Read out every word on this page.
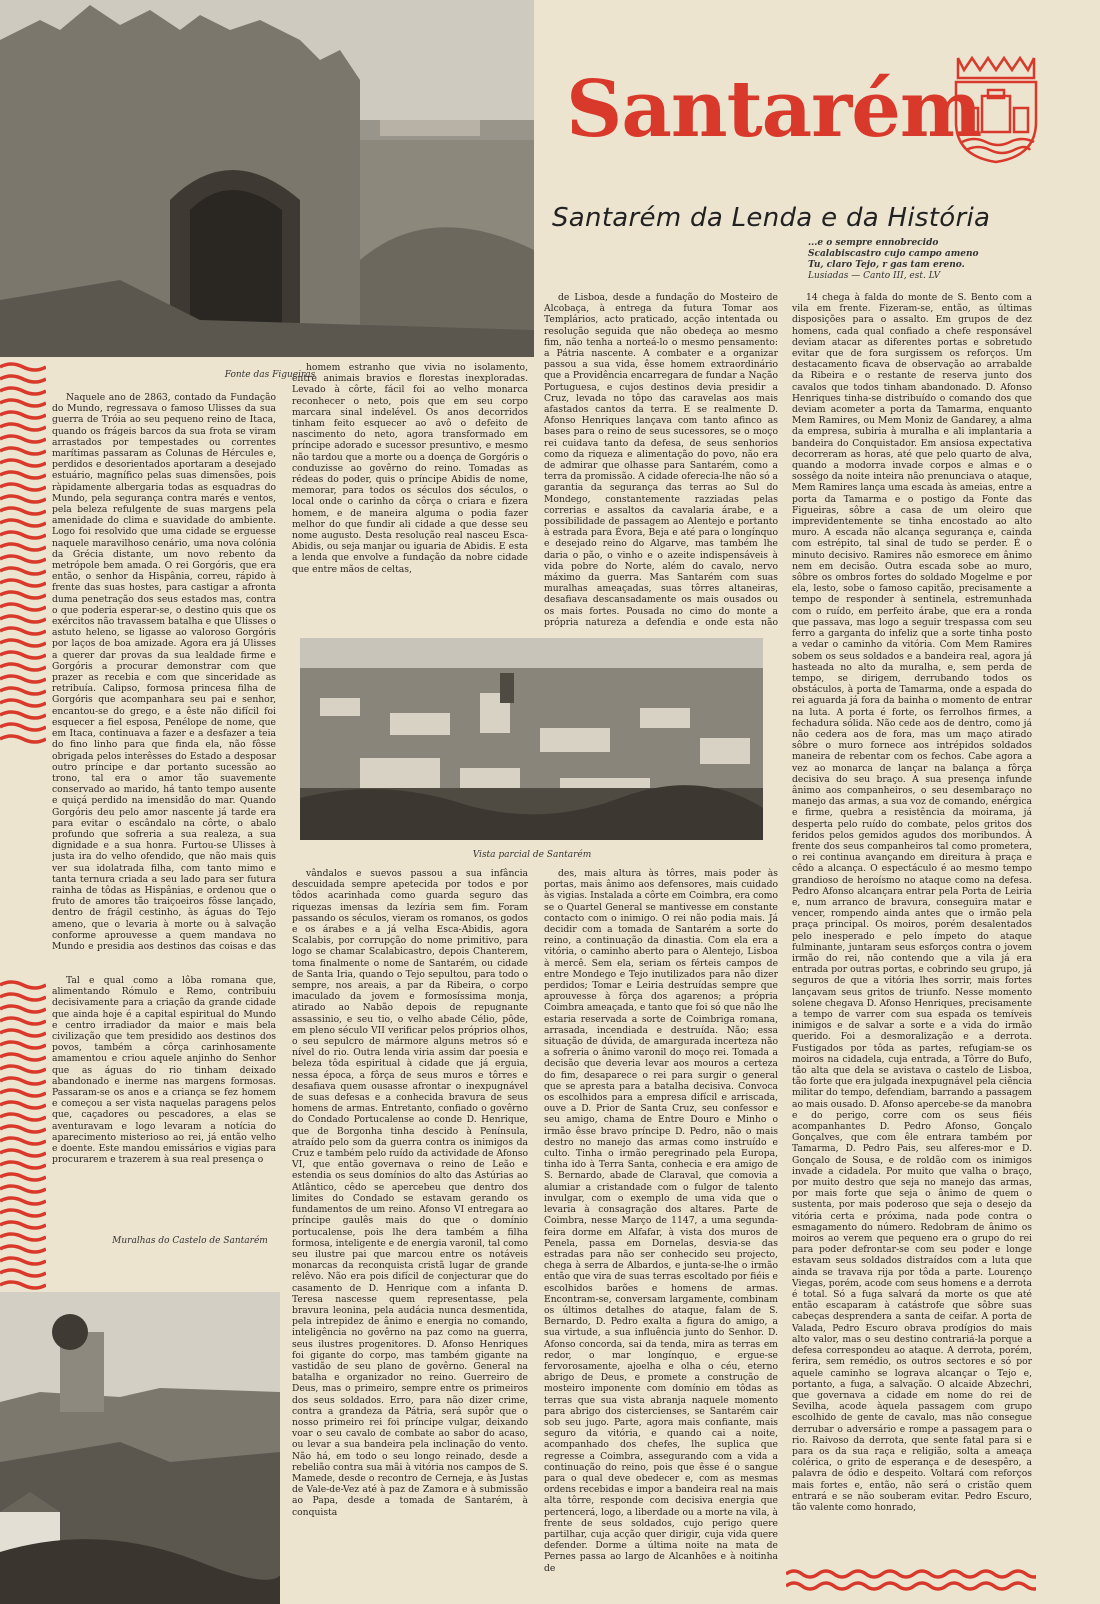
Fonte das Figueiras
Santarém
Santarém da Lenda e da História
...e o sempre ennobrecido
Scalabiscastro cujo campo ameno
Tu, claro Tejo, r gas tam ereno.
Lusiadas — Canto III, est. LV
Vista parcial de Santarém
Muralhas do Castelo de Santarém

Naquele ano de 2863, contado da Fundação do Mundo, regressava o famoso Ulisses da sua guerra de Tróia ao seu pequeno reino de Itaca, quando os frágeis barcos da sua frota se viram arrastados por tempestades ou correntes marítimas passaram as Colunas de Hércules e, perdidos e desorientados aportaram a desejado estuário, magnífico pelas suas dimensões, pois ràpidamente albergaria todas as esquadras do Mundo, pela segurança contra marés e ventos, pela beleza refulgente de suas margens pela amenidade do clima e suavidade do ambiente. Logo foi resolvido que uma cidade se erguesse naquele maravilhoso cenário, uma nova colónia da Grécia distante, um novo rebento da metrópole bem amada. O rei Gorgóris, que era então, o senhor da Hispânia, correu, rápido à frente das suas hostes, para castigar a afronta duma penetração dos seus estados mas, contra o que poderia esperar-se, o destino quis que os exércitos não travassem batalha e que Ulisses o astuto heleno, se ligasse ao valoroso Gorgóris por laços de boa amizade. Agora era já Ulisses a querer dar provas da sua lealdade firme e Gorgóris a procurar demonstrar com que prazer as recebia e com que sinceridade as retribuía. Calipso, formosa princesa filha de Gorgóris que acompanhara seu pai e senhor, encantou-se do grego, e a êste não difícil foi esquecer a fiel esposa, Penélope de nome, que em Itaca, continuava a fazer e a desfazer a teia do fino linho para que finda ela, não fôsse obrigada pelos interêsses do Estado a desposar outro príncipe e dar portanto sucessão ao trono, tal era o amor tão suavemente conservado ao marido, há tanto tempo ausente e quiçá perdido na imensidão do mar. Quando Gorgóris deu pelo amor nascente já tarde era para evitar o escândalo na côrte, o abalo profundo que sofreria a sua realeza, a sua dignidade e a sua honra. Furtou-se Ulisses à justa ira do velho ofendido, que não mais quis ver sua idolatrada filha, com tanto mimo e tanta ternura criada a seu lado para ser futura rainha de tôdas as Hispânias, e ordenou que o fruto de amores tão traiçoeiros fôsse lançado, dentro de frágil cestinho, às águas do Tejo ameno, que o levaria à morte ou à salvação conforme aprouvesse a quem mandava no Mundo e presidia aos destinos das coisas e das

Tal e qual como a lôba romana que, alimentando Rómulo e Remo, contribuiu decisivamente para a criação da grande cidade que ainda hoje é a capital espiritual do Mundo e centro irradiador da maior e mais bela civilização que tem presidido aos destinos dos povos, também a côrça carinhosamente amamentou e criou aquele anjinho do Senhor que as águas do rio tinham deixado abandonado e inerme nas margens formosas. Passaram-se os anos e a criança se fez homem e começou a ser vista naquelas paragens pelos que, caçadores ou pescadores, a elas se aventuravam e logo levaram a notícia do aparecimento misterioso ao rei, já então velho e doente. Este mandou emissários e vigias para procurarem e trazerem à sua real presença o

homem estranho que vivia no isolamento, entre animais bravios e florestas inexploradas. Levado à côrte, fácil foi ao velho monarca reconhecer o neto, pois que em seu corpo marcara sinal indelével. Os anos decorridos tinham feito esquecer ao avô o defeito de nascimento do neto, agora transformado em príncipe adorado e sucessor presuntivo, e mesmo não tardou que a morte ou a doença de Gorgóris o conduzisse ao govêrno do reino. Tomadas as rédeas do poder, quis o príncipe Abidis de nome, memorar, para todos os séculos dos séculos, o local onde o carinho da côrça o criara e fizera homem, e de maneira alguma o podia fazer melhor do que fundir ali cidade a que desse seu nome augusto. Desta resolução real nasceu Esca-Abidis, ou seja manjar ou iguaria de Abidis. E esta a lenda que envolve a fundação da nobre cidade que entre mãos de celtas,

de Lisboa, desde a fundação do Mosteiro de Alcobaça, à entrega da futura Tomar aos Templários, acto praticado, acção intentada ou resolução seguida que não obedeça ao mesmo fim, não tenha a norteá-lo o mesmo pensamento: a Pátria nascente. A combater e a organizar passou a sua vida, êsse homem extraordinário que a Providência encarregara de fundar a Nação Portuguesa, e cujos destinos devia presidir a Cruz, levada no tôpo das caravelas aos mais afastados cantos da terra. E se realmente D. Afonso Henriques lançava com tanto afinco as bases para o reino de seus sucessores, se o moço rei cuidava tanto da defesa, de seus senhorios como da riqueza e alimentação do povo, não era de admirar que olhasse para Santarém, como a terra da promissão. A cidade oferecia-lhe não só a garantia da segurança das terras ao Sul do Mondego, constantemente razziadas pelas correrias e assaltos da cavalaria árabe, e a possibilidade de passagem ao Alentejo e portanto à estrada para Évora, Beja e até para o longínquo e desejado reino do Algarve, mas também lhe daria o pão, o vinho e o azeite indispensáveis à vida pobre do Norte, além do cavalo, nervo máximo da guerra. Mas Santarém com suas muralhas ameaçadas, suas tôrres altaneiras, desafiava descansadamente os mais ousados ou os mais fortes. Pousada no cimo do monte a própria natureza a defendia e onde esta não

14 chega à falda do monte de S. Bento com a vila em frente. Fizeram-se, então, as últimas disposições para o assalto. Em grupos de dez homens, cada qual confiado a chefe responsável deviam atacar as diferentes portas e sobretudo evitar que de fora surgissem os reforços. Um destacamento ficava de observação ao arrabalde da Ribeira e o restante de reserva junto dos cavalos que todos tinham abandonado. D. Afonso Henriques tinha-se distribuído o comando dos que deviam acometer a porta da Tamarma, enquanto Mem Ramires, ou Mem Moniz de Gandarey, a alma da empresa, subiria à muralha e ali implantaria a bandeira do Conquistador. Em ansiosa expectativa decorreram as horas, até que pelo quarto de alva, quando a modorra invade corpos e almas e o sossêgo da noite inteira não prenunciava o ataque, Mem Ramires lança uma escada às ameias, entre a porta da Tamarma e o postigo da Fonte das Figueiras, sôbre a casa de um oleiro que imprevidentemente se tinha encostado ao alto muro. A escada não alcança segurança e, cainda com estrépito, tal sinal de tudo se perder. É o minuto decisivo. Ramires não esmorece em ânimo nem em decisão. Outra escada sobe ao muro, sôbre os ombros fortes do soldado Mogelme e por ela, lesto, sobe o famoso capitão, precisamente a tempo de responder à sentinela, estremunhada com o ruído, em perfeito árabe, que era a ronda que passava, mas logo a seguir trespassa com seu ferro a garganta do infeliz que a sorte tinha posto a vedar o caminho da vitória. Com Mem Ramires sobem os seus soldados e a bandeira real, agora já hasteada no alto da muralha, e, sem perda de tempo, se dirigem, derrubando todos os obstáculos, à porta de Tamarma, onde a espada do rei aguarda já fora da bainha o momento de entrar na luta. A porta é forte, os ferrolhos firmes, a fechadura sólida. Não cede aos de dentro, como já não cedera aos de fora, mas um maço atirado sôbre o muro fornece aos intrépidos soldados maneira de rebentar com os fechos. Cabe agora a vez ao monarca de lançar na balança a fôrça decisiva do seu braço. A sua presença infunde ânimo aos companheiros, o seu desembaraço no manejo das armas, a sua voz de comando, enérgica e firme, quebra a resistência da moirama, já desperta pelo ruído do combate, pelos gritos dos feridos pelos gemidos agudos dos moribundos. À frente dos seus companheiros tal como prometera, o rei continua avançando em direitura à praça e cêdo a alcança. O espectáculo é ao mesmo tempo grandioso de heroísmo no ataque como na defesa. Pedro Afonso alcançara entrar pela Porta de Leiria e, num arranco de bravura, conseguira matar e vencer, rompendo ainda antes que o irmão pela praça principal. Os moiros, porém desalentados pelo inesperado e pelo ímpeto do ataque fulminante, juntaram seus esforços contra o jovem irmão do rei, não contendo que a vila já era entrada por outras portas, e cobrindo seu grupo, já seguros de que a vitória lhes sorrir, mais fortes lançavam seus gritos de triunfo. Nesse momento solene chegava D. Afonso Henriques, precisamente a tempo de varrer com sua espada os temíveis inimigos e de salvar a sorte e a vida do irmão querido. Foi a desmoralização e a derrota. Fustigados por tôda as partes, refugiam-se os moiros na cidadela, cuja entrada, a Tôrre do Bufo, tão alta que dela se avistava o castelo de Lisboa, tão forte que era julgada inexpugnável pela ciência militar do tempo, defendiam, barrando a passagem ao mais ousado. D. Afonso apercebe-se da manobra e do perigo, corre com os seus fiéis acompanhantes D. Pedro Afonso, Gonçalo Gonçalves, que com êle entrara também por Tamarma, D. Pedro Pais, seu alferes-mor e D. Gonçalo de Sousa, e de roldão com os inimigos invade a cidadela. Por muito que valha o braço, por muito destro que seja no manejo das armas, por mais forte que seja o ânimo de quem o sustenta, por mais poderoso que seja o desejo da vitória certa e próxima, nada pode contra o esmagamento do número. Redobram de ânimo os moiros ao verem que pequeno era o grupo do rei para poder defrontar-se com seu poder e longe estavam seus soldados distraídos com a luta que ainda se travava rija por tôda a parte. Lourenço Viegas, porém, acode com seus homens e a derrota é total. Só a fuga salvará da morte os que até então escaparam à catástrofe que sôbre suas cabeças desprendera a santa de ceifar. A porta de Valada, Pedro Escuro obrava prodígios do mais alto valor, mas o seu destino contrariá-la porque a defesa correspondeu ao ataque. A derrota, porém, ferira, sem remédio, os outros sectores e só por aquele caminho se lograva alcançar o Tejo e, portanto, a fuga, a salvação. O alcaide Abzechri, que governava a cidade em nome do rei de Sevilha, acode àquela passagem com grupo escolhido de gente de cavalo, mas não consegue derrubar o adversário e rompe a passagem para o rio. Raivoso da derrota, que sente fatal para si e para os da sua raça e religião, solta a ameaça colérica, o grito de esperança e de desespêro, a palavra de ódio e despeito. Voltará com reforços mais fortes e, então, não será o cristão quem entrará e se não souberam evitar. Pedro Escuro, tão valente como honrado,

vândalos e suevos passou a sua infância descuidada sempre apetecida por todos e por tôdos acarinhada como guarda seguro das riquezas imensas da lezíria sem fim. Foram passando os séculos, vieram os romanos, os godos e os árabes e a já velha Esca-Abidis, agora Scalabis, por corrupção do nome primitivo, para logo se chamar Scalabicastro, depois Chanterem, toma finalmente o nome de Santarém, ou cidade de Santa Iria, quando o Tejo sepultou, para todo o sempre, nos areais, a par da Ribeira, o corpo imaculado da jovem e formosíssima monja, atirado ao Nabão depois de repugnante assassinio, e seu tio, o velho abade Célio, pôde, em pleno século VII verificar pelos próprios olhos, o seu sepulcro de mármore alguns metros só e nível do rio. Outra lenda viria assim dar poesia e beleza tôda espiritual à cidade que já erguia, nessa época, a fôrça de seus muros e tôrres e desafiava quem ousasse afrontar o inexpugnável de suas defesas e a conhecida bravura de seus homens de armas. Entretanto, confiado o govêrno do Condado Portucalense ao conde D. Henrique, que de Borgonha tinha descido à Península, atraído pelo som da guerra contra os inimigos da Cruz e também pelo ruído da actividade de Afonso VI, que então governava o reino de Leão e estendia os seus domínios do alto das Astúrias ao Atlântico, cêdo se apercebeu que dentro dos limites do Condado se estavam gerando os fundamentos de um reino. Afonso VI entregara ao príncipe gaulês mais do que o domínio portucalense, pois lhe dera também a filha formosa, inteligente e de energia varonil, tal como seu ilustre pai que marcou entre os notáveis monarcas da reconquista cristã lugar de grande relêvo. Não era pois difícil de conjecturar que do casamento de D. Henrique com a infanta D. Teresa nascesse quem representasse, pela bravura leonina, pela audácia nunca desmentida, pela intrepidez de ânimo e energia no comando, inteligência no govêrno na paz como na guerra, seus ilustres progenitores. D. Afonso Henriques foi gigante do corpo, mas também gigante na vastidão de seu plano de govêrno. General na batalha e organizador no reino. Guerreiro de Deus, mas o primeiro, sempre entre os primeiros dos seus soldados. Erro, para não dizer crime, contra a grandeza da Pátria, será supôr que o nosso primeiro rei foi príncipe vulgar, deixando voar o seu cavalo de combate ao sabor do acaso, ou levar a sua bandeira pela inclinação do vento. Não há, em todo o seu longo reinado, desde a rebelião contra sua mãi à vitória nos campos de S. Mamede, desde o recontro de Cerneja, e às Justas de Vale-de-Vez até à paz de Zamora e à submissão ao Papa, desde a tomada de Santarém, à conquista

des, mais altura às tôrres, mais poder às portas, mais ânimo aos defensores, mais cuidado às vigias. Instalada a côrte em Coimbra, era como se o Quartel General se mantivesse em constante contacto com o inimigo. O rei não podia mais. Já decidir com a tomada de Santarém a sorte do reino, a continuação da dinastia. Com ela era a vitória, o caminho aberto para o Alentejo, Lisboa à mercê. Sem ela, seriam os férteis campos de entre Mondego e Tejo inutilizados para não dizer perdidos; Tomar e Leiria destruídas sempre que aprouvesse à fôrça dos agarenos; a própria Coimbra ameaçada, e tanto que foi só que não lhe estaria reservada a sorte de Coimbriga romana, arrasada, incendiada e destruída. Não; essa situação de dúvida, de amargurada incerteza não a sofreria o ânimo varonil do moço rei. Tomada a decisão que deveria levar aos mouros a certeza do fim, desaparece o rei para surgir o general que se apresta para a batalha decisiva. Convoca os escolhidos para a empresa difícil e arriscada, ouve a D. Prior de Santa Cruz, seu confessor e seu amigo, chama de Entre Douro e Minho o irmão êsse bravo príncipe D. Pedro, não o mais destro no manejo das armas como instruído e culto. Tinha o irmão peregrinado pela Europa, tinha ido à Terra Santa, conhecia e era amigo de S. Bernardo, abade de Claraval, que comovia a alumiar a cristandade com o fulgor de talento invulgar, com o exemplo de uma vida que o levaria à consagração dos altares. Parte de Coimbra, nesse Março de 1147, a uma segunda-feira dorme em Alfafar, à vista dos muros de Penela, passa em Dornelas, desvia-se das estradas para não ser conhecido seu projecto, chega à serra de Albardos, e junta-se-lhe o irmão então que vira de suas terras escoltado por fiéis e escolhidos barões e homens de armas. Encontram-se, conversam largamente, combinam os últimos detalhes do ataque, falam de S. Bernardo, D. Pedro exalta a figura do amigo, a sua virtude, a sua influência junto do Senhor. D. Afonso concorda, sai da tenda, mira as terras em redor, o mar longínquo, e ergue-se fervorosamente, ajoelha e olha o céu, eterno abrigo de Deus, e promete a construção de mosteiro imponente com domínio em tôdas as terras que sua vista abranja naquele momento para abrigo dos cistercienses, se Santarém cair sob seu jugo. Parte, agora mais confiante, mais seguro da vitória, e quando cai a noite, acompanhado dos chefes, lhe suplica que regresse a Coimbra, assegurando com a vida a continuação do reino, pois que êsse é o sangue para o qual deve obedecer e, com as mesmas ordens recebidas e impor a bandeira real na mais alta tôrre, responde com decisiva energia que pertencerá, logo, a liberdade ou a morte na vila, à frente de seus soldados, cujo perigo quere partilhar, cuja acção quer dirigir, cuja vida quere defender. Dorme a última noite na mata de Pernes passa ao largo de Alcanhões e à noitinha de
